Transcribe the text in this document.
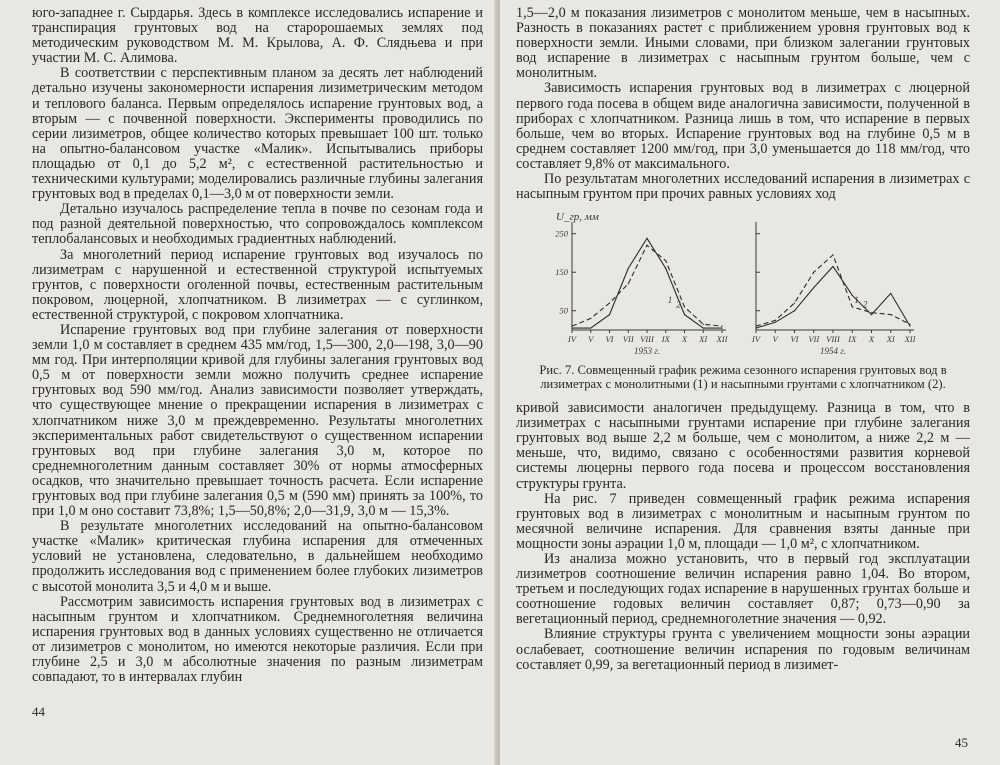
юго-западнее г. Сырдарья. Здесь в комплексе исследовались испарение и транспирация грунтовых вод на старорошаемых землях под методическим руководством М. М. Крылова, А. Ф. Слядњева и при участии М. С. Алимова.

В соответствии с перспективным планом за десять лет наблюдений детально изучены закономерности испарения лизиметрическим методом и теплового баланса. Первым определялось испарение грунтовых вод, а вторым — с почвенной поверхности. Эксперименты проводились по серии лизиметров, общее количество которых превышает 100 шт. только на опытно-балансовом участке «Малик». Испытывались приборы площадью от 0,1 до 5,2 м², с естественной растительностью и техническими культурами; моделировались различные глубины залегания грунтовых вод в пределах 0,1—3,0 м от поверхности земли.

Детально изучалось распределение тепла в почве по сезонам года и под разной деятельной поверхностью, что сопровождалось комплексом теплобалансовых и необходимых градиентных наблюдений.

За многолетний период испарение грунтовых вод изучалось по лизиметрам с нарушенной и естественной структурой испытуемых грунтов, с поверхности оголенной почвы, естественным растительным покровом, люцерной, хлопчатником. В лизиметрах — с суглинком, естественной структурой, с покровом хлопчатника.

Испарение грунтовых вод при глубине залегания от поверхности земли 1,0 м составляет в среднем 435 мм/год, 1,5—300, 2,0—198, 3,0—90 мм год. При интерполяции кривой для глубины залегания грунтовых вод 0,5 м от поверхности земли можно получить среднее испарение грунтовых вод 590 мм/год. Анализ зависимости позволяет утверждать, что существующее мнение о прекращении испарения в лизиметрах с хлопчатником ниже 3,0 м преждевременно. Результаты многолетних экспериментальных работ свидетельствуют о существенном испарении грунтовых вод при глубине залегания 3,0 м, которое по среднемноголетним данным составляет 30% от нормы атмосферных осадков, что значительно превышает точность расчета. Если испарение грунтовых вод при глубине залегания 0,5 м (590 мм) принять за 100%, то при 1,0 м оно составит 73,8%; 1,5—50,8%; 2,0—31,9, 3,0 м — 15,3%.

В результате многолетних исследований на опытно-балансовом участке «Малик» критическая глубина испарения для отмеченных условий не установлена, следовательно, в дальнейшем необходимо продолжить исследования вод с применением более глубоких лизиметров с высотой монолита 3,5 и 4,0 м и выше.

Рассмотрим зависимость испарения грунтовых вод в лизиметрах с насыпным грунтом и хлопчатником. Среднемноголетняя величина испарения грунтовых вод в данных условиях существенно не отличается от лизиметров с монолитом, но имеются некоторые различия. Если при глубине 2,5 и 3,0 м абсолютные значения по разным лизиметрам совпадают, то в интервалах глубин

44

1,5—2,0 м показания лизиметров с монолитом меньше, чем в насыпных. Разность в показаниях растет с приближением уровня грунтовых вод к поверхности земли. Иными словами, при близком залегании грунтовых вод испарение в лизиметрах с насыпным грунтом больше, чем с монолитным.

Зависимость испарения грунтовых вод в лизиметрах с люцерной первого года посева в общем виде аналогична зависимости, полученной в приборах с хлопчатником. Разница лишь в том, что испарение в первых больше, чем во вторых. Испарение грунтовых вод на глубине 0,5 м в среднем составляет 1200 мм/год, при 3,0 уменьшается до 118 мм/год, что составляет 9,8% от максимального.

По результатам многолетних исследований испарения в лизиметрах с насыпным грунтом при прочих равных условиях ход

U_гр, мм
250
150
50
IV V VI VII VIII IX X XI XII
1953 г.
1 2
IV V VI VII VIII IX X XI XII
1954 г.
1 2
Рис. 7. Совмещенный график режима сезонного испарения грунтовых вод в лизиметрах с монолитными (1) и насыпными грунтами с хлопчатником (2).

кривой зависимости аналогичен предыдущему. Разница в том, что в лизиметрах с насыпными грунтами испарение при глубине залегания грунтовых вод выше 2,2 м больше, чем с монолитом, а ниже 2,2 м — меньше, что, видимо, связано с особенностями развития корневой системы люцерны первого года посева и процессом восстановления структуры грунта.

На рис. 7 приведен совмещенный график режима испарения грунтовых вод в лизиметрах с монолитным и насыпным грунтом по месячной величине испарения. Для сравнения взяты данные при мощности зоны аэрации 1,0 м, площади — 1,0 м², с хлопчатником.

Из анализа можно установить, что в первый год эксплуатации лизиметров соотношение величин испарения равно 1,04. Во втором, третьем и последующих годах испарение в нарушенных грунтах больше и соотношение годовых величин составляет 0,87; 0,73—0,90 за вегетационный период, среднемноголетние значения — 0,92.

Влияние структуры грунта с увеличением мощности зоны аэрации ослабевает, соотношение величин испарения по годовым величинам составляет 0,99, за вегетационный период в лизимет-

45
